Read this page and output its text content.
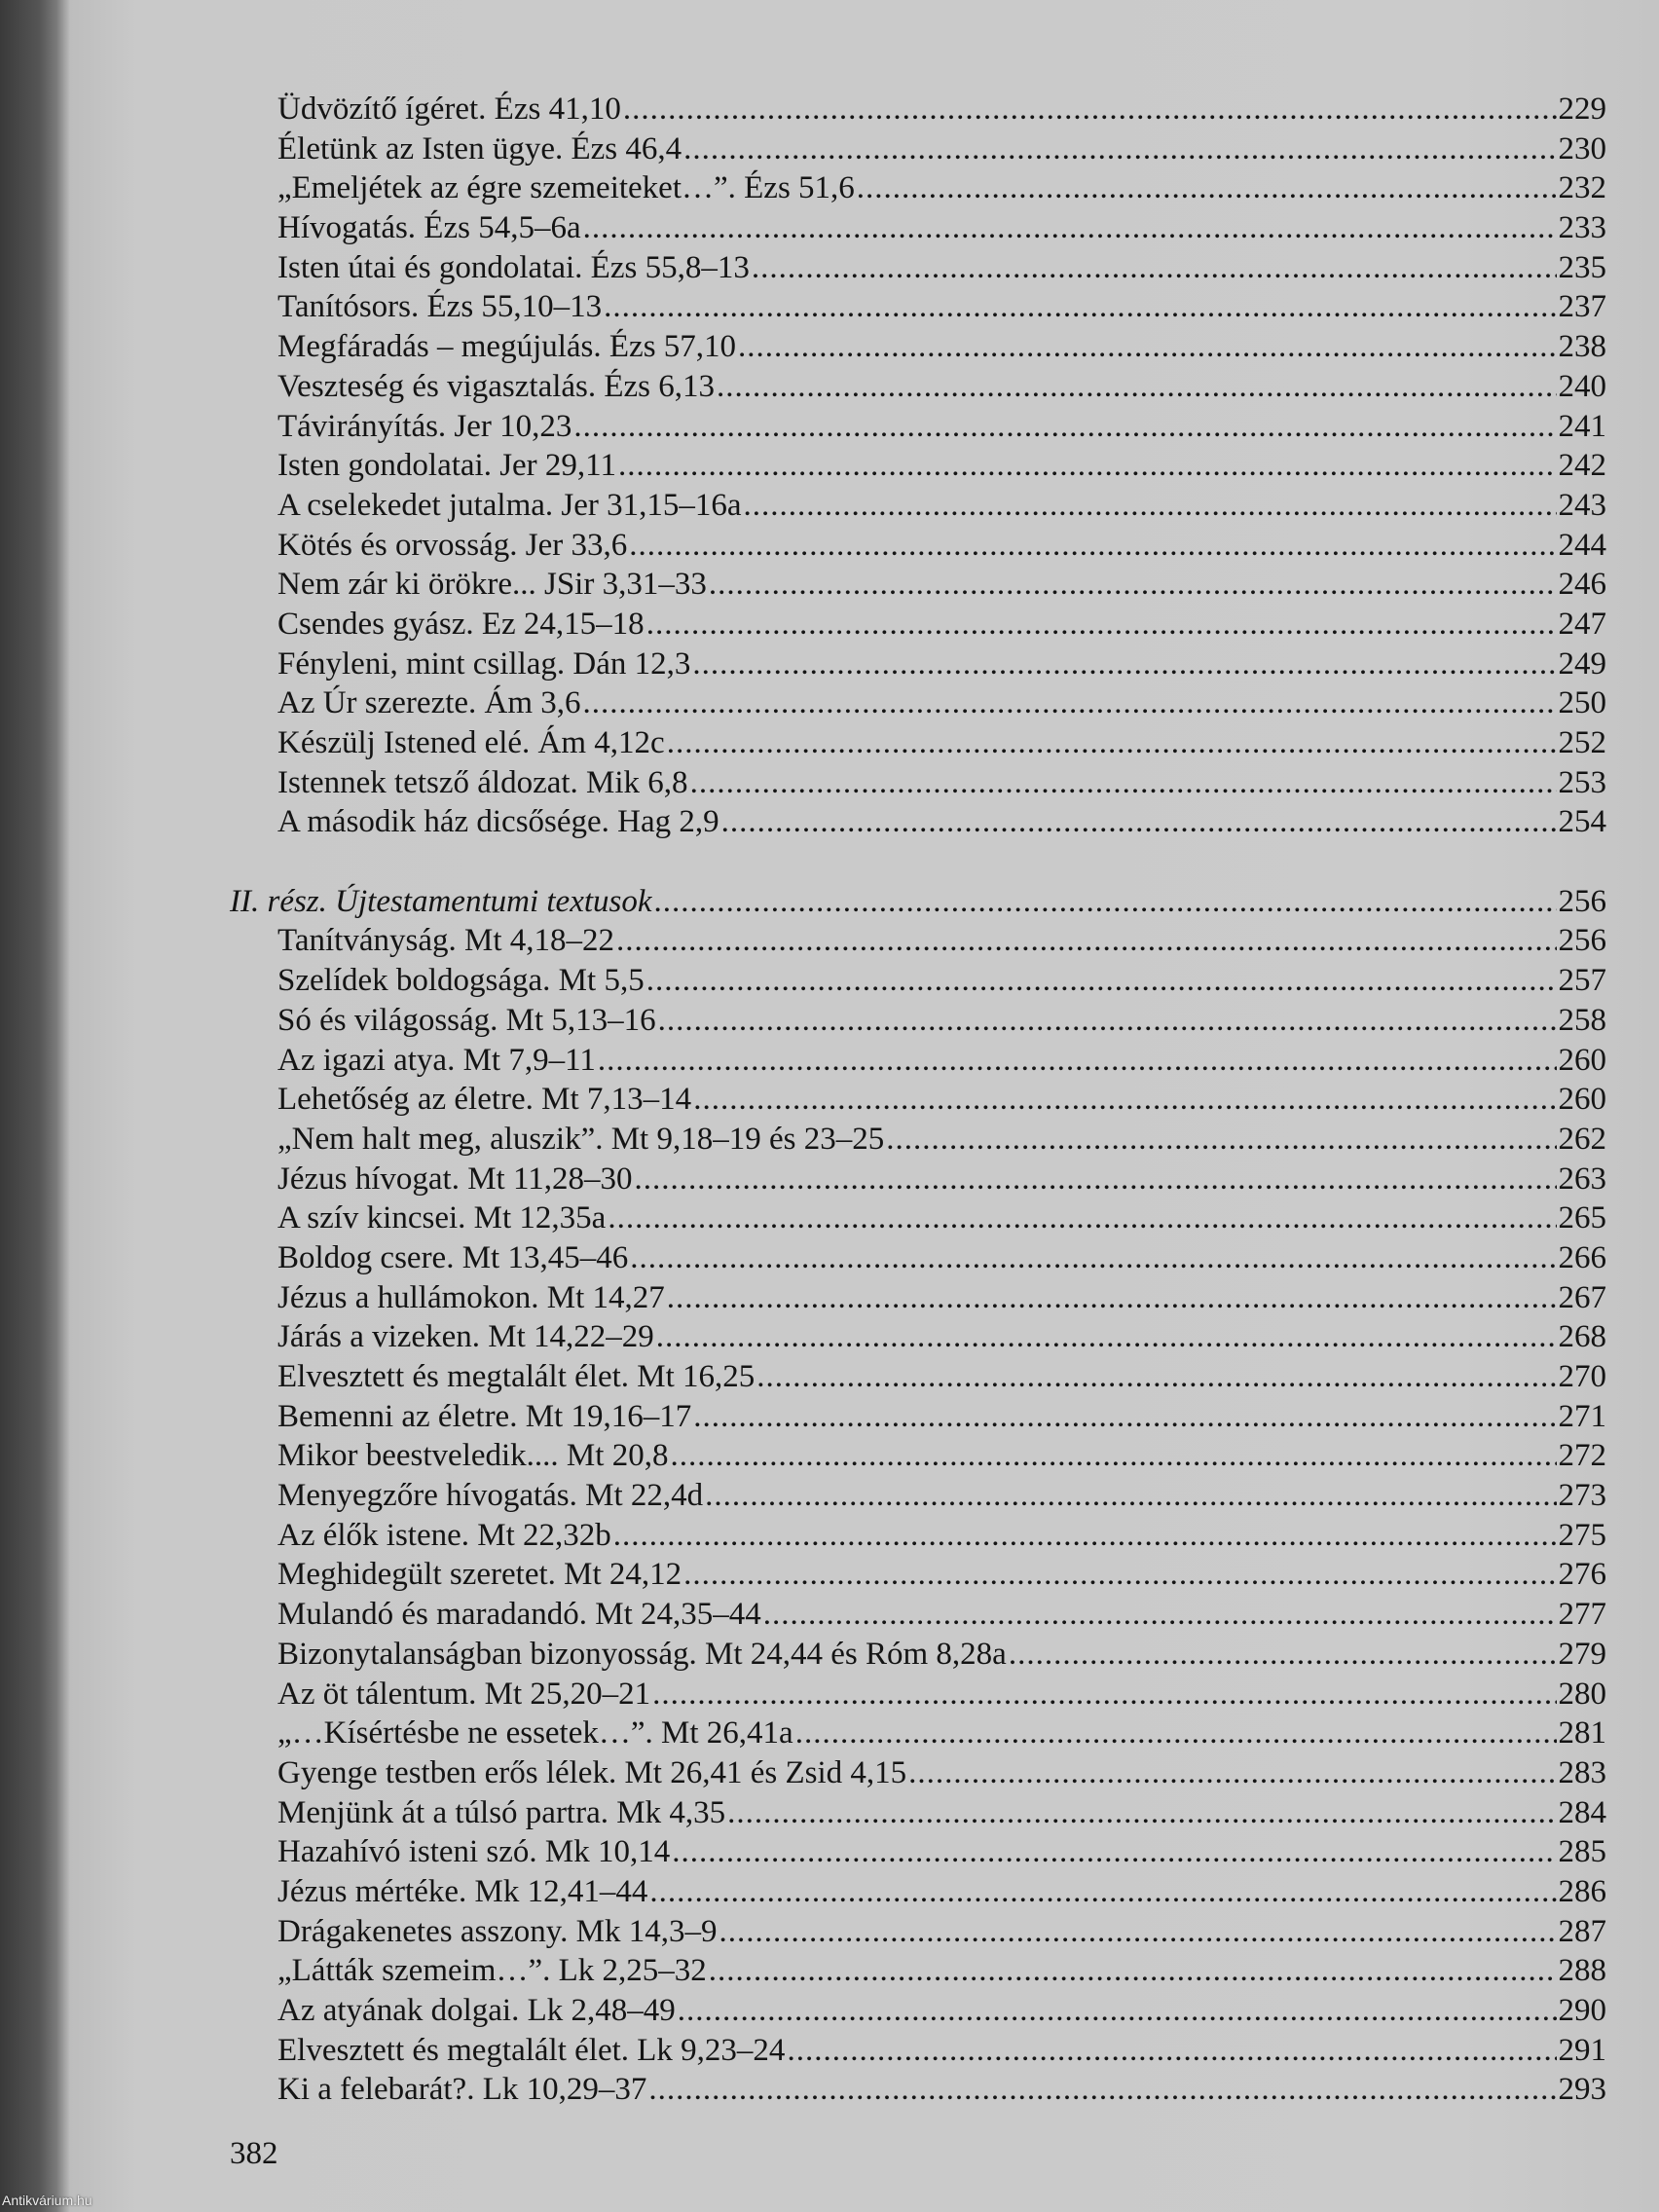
Üdvözítő ígéret. Ézs 41,10 .....	229
Életünk az Isten ügye. Ézs 46,4 .....	230
„Emeljétek az égre szemeiteket…”. Ézs 51,6 .....	232
Hívogatás. Ézs 54,5–6a .....	233
Isten útai és gondolatai. Ézs 55,8–13 .....	235
Tanítósors. Ézs 55,10–13 .....	237
Megfáradás – megújulás. Ézs 57,10 .....	238
Veszteség és vigasztalás. Ézs 6,13 .....	240
Távirányítás. Jer 10,23 .....	241
Isten gondolatai. Jer 29,11 .....	242
A cselekedet jutalma. Jer 31,15–16a .....	243
Kötés és orvosság. Jer 33,6 .....	244
Nem zár ki örökre... JSir 3,31–33 .....	246
Csendes gyász. Ez 24,15–18 .....	247
Fényleni, mint csillag. Dán 12,3 .....	249
Az Úr szerezte. Ám 3,6 .....	250
Készülj Istened elé. Ám 4,12c .....	252
Istennek tetsző áldozat. Mik 6,8 .....	253
A második ház dicsősége. Hag 2,9 .....	254
II. rész. Újtestamentumi textusok .....	256
Tanítványság. Mt 4,18–22 .....	256
Szelídek boldogsága. Mt 5,5 .....	257
Só és világosság. Mt 5,13–16 .....	258
Az igazi atya. Mt 7,9–11 .....	260
Lehetőség az életre. Mt 7,13–14 .....	260
„Nem halt meg, aluszik”. Mt 9,18–19 és 23–25 .....	262
Jézus hívogat. Mt 11,28–30 .....	263
A szív kincsei. Mt 12,35a .....	265
Boldog csere. Mt 13,45–46 .....	266
Jézus a hullámokon. Mt 14,27 .....	267
Járás a vizeken. Mt 14,22–29 .....	268
Elvesztett és megtalált élet. Mt 16,25 .....	270
Bemenni az életre. Mt 19,16–17 .....	271
Mikor beestveledik.... Mt 20,8 .....	272
Menyegzőre hívogatás. Mt 22,4d .....	273
Az élők istene. Mt 22,32b .....	275
Meghidegült szeretet. Mt 24,12 .....	276
Mulandó és maradandó. Mt 24,35–44 .....	277
Bizonytalanságban bizonyosság. Mt 24,44 és Róm 8,28a .....	279
Az öt tálentum. Mt 25,20–21 .....	280
„…Kísértésbe ne essetek…”. Mt 26,41a .....	281
Gyenge testben erős lélek. Mt 26,41 és Zsid 4,15 .....	283
Menjünk át a túlsó partra. Mk 4,35 .....	284
Hazahívó isteni szó. Mk 10,14 .....	285
Jézus mértéke. Mk 12,41–44 .....	286
Drágakenetes asszony. Mk 14,3–9 .....	287
„Látták szemeim…”. Lk 2,25–32 .....	288
Az atyának dolgai. Lk 2,48–49 .....	290
Elvesztett és megtalált élet. Lk 9,23–24 .....	291
Ki a felebarát?. Lk 10,29–37 .....	293
382
Antikvárium.hu
